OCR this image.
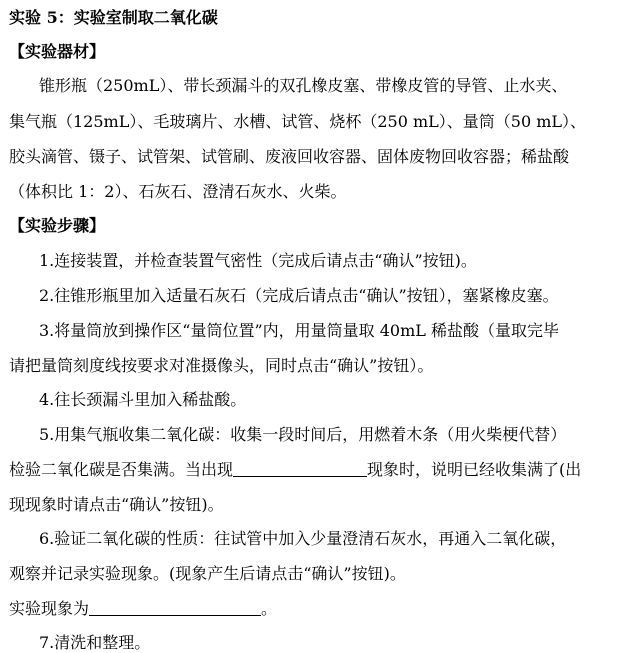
实验 5：实验室制取二氧化碳
【实验器材】
锥形瓶（250mL）、带长颈漏斗的双孔橡皮塞、带橡皮管的导管、止水夹、
集气瓶（125mL）、毛玻璃片、水槽、试管、烧杯（250 mL）、量筒（50 mL）、
胶头滴管、镊子、试管架、试管刷、废液回收容器、固体废物回收容器；稀盐酸
（体积比 1：2）、石灰石、澄清石灰水、火柴。
【实验步骤】
1.连接装置，并检查装置气密性（完成后请点击“确认”按钮)。
2.往锥形瓶里加入适量石灰石（完成后请点击“确认”按钮），塞紧橡皮塞。
3.将量筒放到操作区“量筒位置”内，用量筒量取 40mL 稀盐酸（量取完毕
请把量筒刻度线按要求对准摄像头，同时点击“确认”按钮）。
4.往长颈漏斗里加入稀盐酸。
5.用集气瓶收集二氧化碳：收集一段时间后，用燃着木条（用火柴梗代替）
检验二氧化碳是否集满。当出现	现象时，说明已经收集满了(出
现现象时请点击“确认”按钮)。
6.验证二氧化碳的性质：往试管中加入少量澄清石灰水，再通入二氧化碳，
观察并记录实验现象。(现象产生后请点击“确认”按钮)。
实验现象为	。
7.清洗和整理。
